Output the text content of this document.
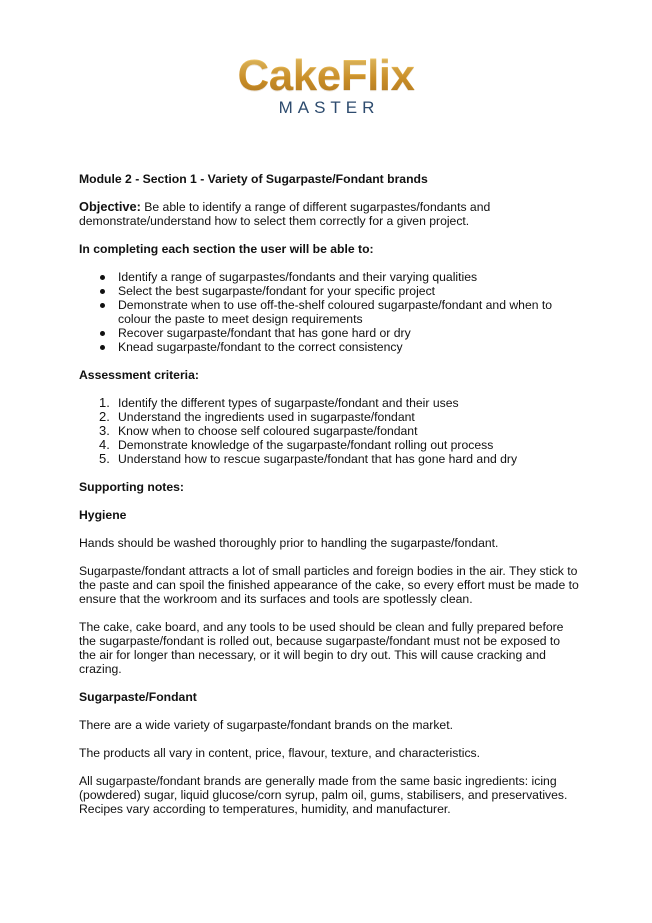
CakeFlix
MASTER
Module 2 - Section 1 - Variety of Sugarpaste/Fondant brands
Objective: Be able to identify a range of different sugarpastes/fondants and demonstrate/understand how to select them correctly for a given project.
In completing each section the user will be able to:
Identify a range of sugarpastes/fondants and their varying qualities
Select the best sugarpaste/fondant for your specific project
Demonstrate when to use off-the-shelf coloured sugarpaste/fondant and when to colour the paste to meet design requirements
Recover sugarpaste/fondant that has gone hard or dry
Knead sugarpaste/fondant to the correct consistency
Assessment criteria:
1. Identify the different types of sugarpaste/fondant and their uses
2. Understand the ingredients used in sugarpaste/fondant
3. Know when to choose self coloured sugarpaste/fondant
4. Demonstrate knowledge of the sugarpaste/fondant rolling out process
5. Understand how to rescue sugarpaste/fondant that has gone hard and dry
Supporting notes:
Hygiene
Hands should be washed thoroughly prior to handling the sugarpaste/fondant.
Sugarpaste/fondant attracts a lot of small particles and foreign bodies in the air. They stick to the paste and can spoil the finished appearance of the cake, so every effort must be made to ensure that the workroom and its surfaces and tools are spotlessly clean.
The cake, cake board, and any tools to be used should be clean and fully prepared before the sugarpaste/fondant is rolled out, because sugarpaste/fondant must not be exposed to the air for longer than necessary, or it will begin to dry out. This will cause cracking and crazing.
Sugarpaste/Fondant
There are a wide variety of sugarpaste/fondant brands on the market.
The products all vary in content, price, flavour, texture, and characteristics.
All sugarpaste/fondant brands are generally made from the same basic ingredients: icing (powdered) sugar, liquid glucose/corn syrup, palm oil, gums, stabilisers, and preservatives. Recipes vary according to temperatures, humidity, and manufacturer.
